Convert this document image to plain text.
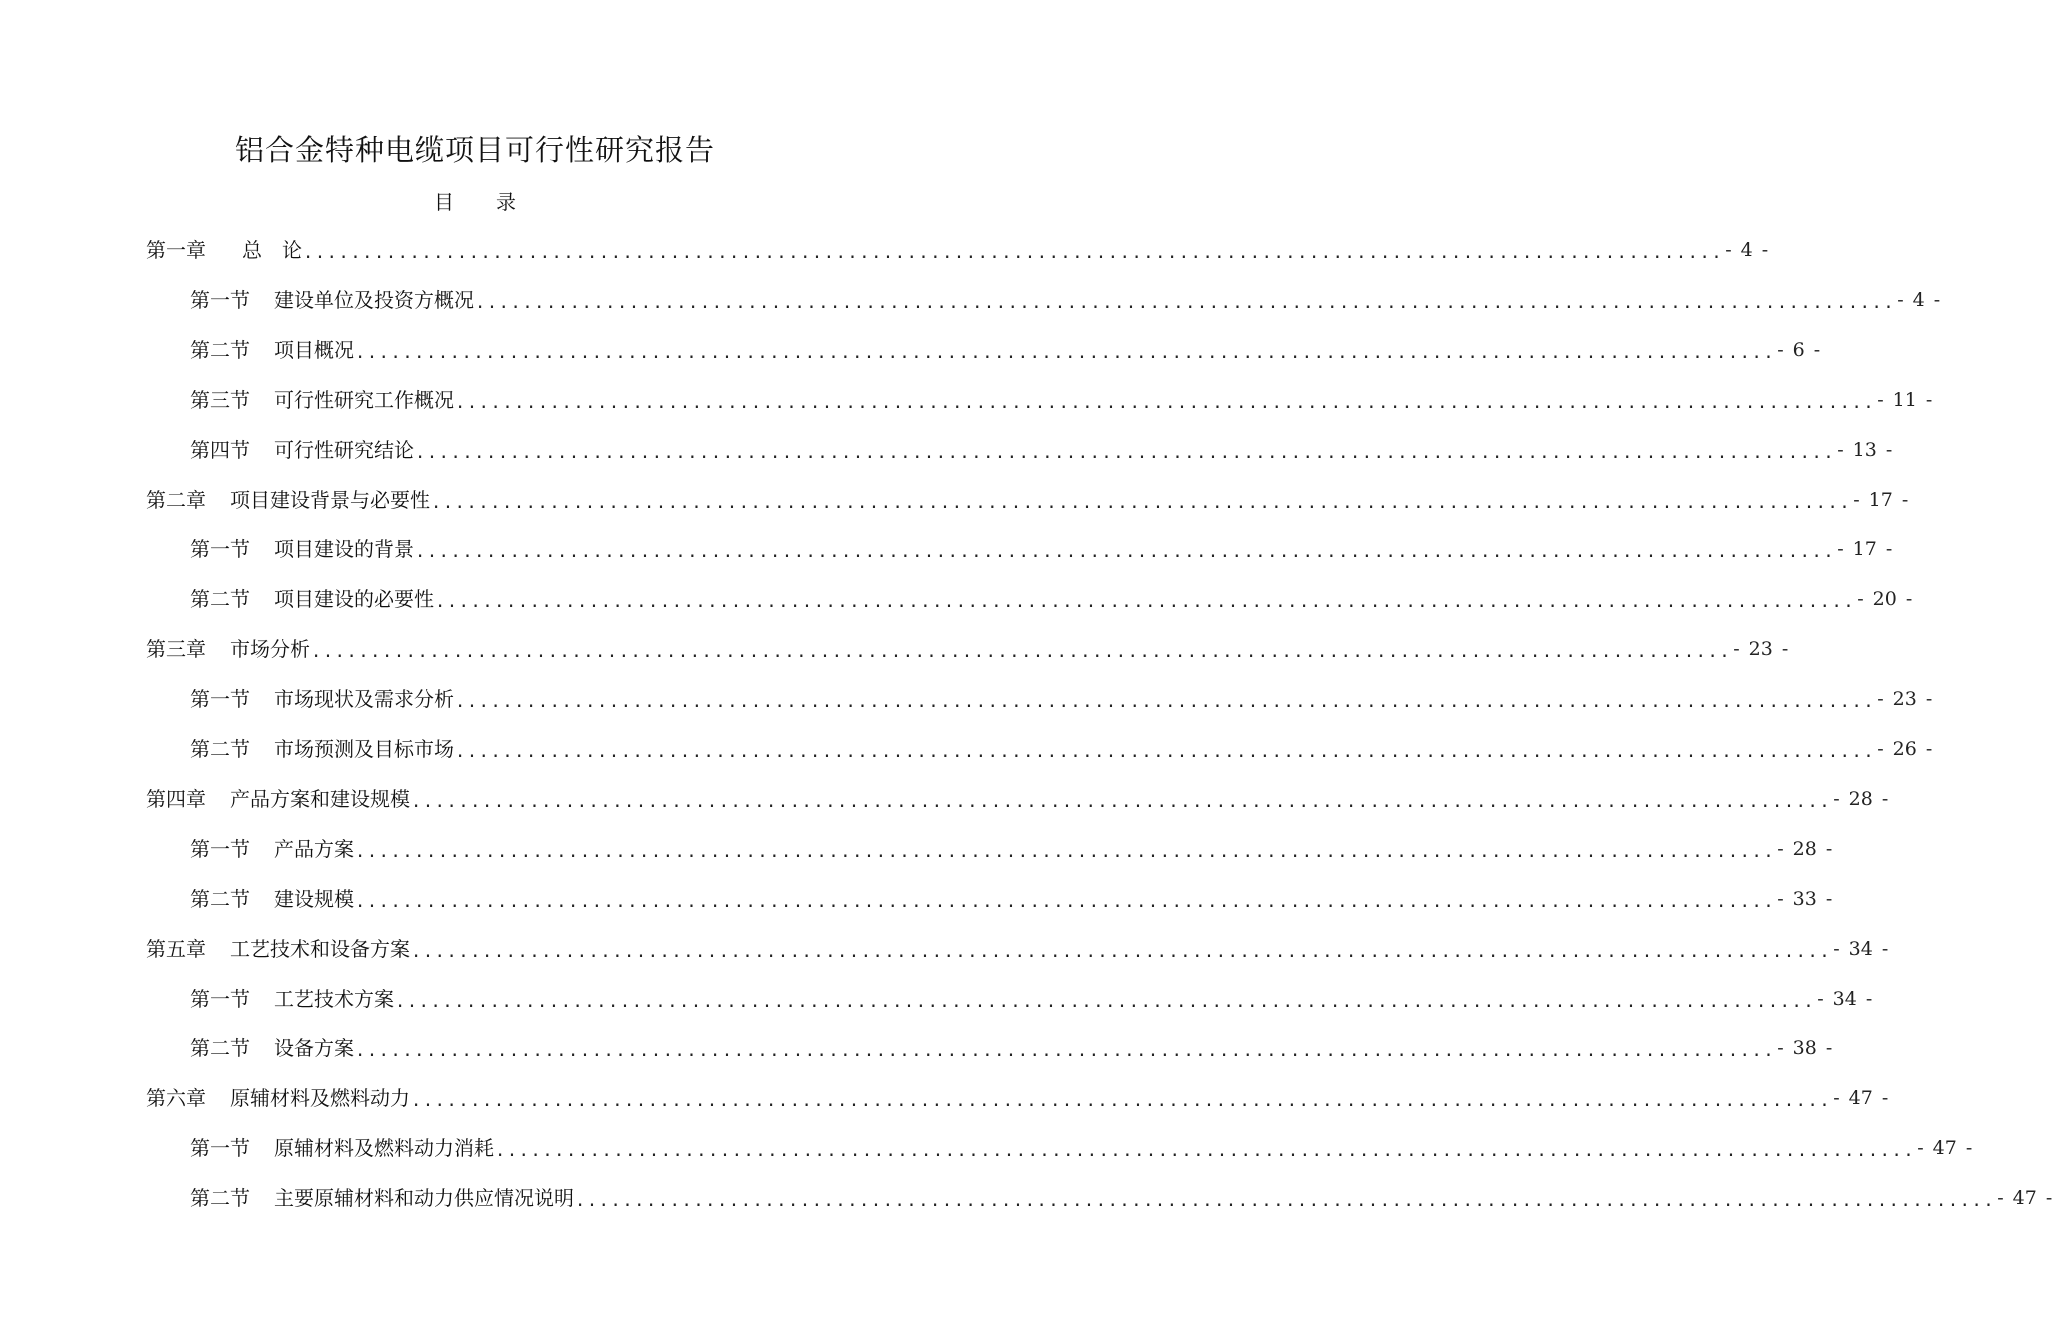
铝合金特种电缆项目可行性研究报告
目 录
第一章 总　论 ........................................................................................................................ - 4 -
第一节 建设单位及投资方概况 ........................................................................................................................ - 4 -
第二节 项目概况 ........................................................................................................................ - 6 -
第三节 可行性研究工作概况 ........................................................................................................................ - 11 -
第四节 可行性研究结论 ........................................................................................................................ - 13 -
第二章 项目建设背景与必要性 ........................................................................................................................ - 17 -
第一节 项目建设的背景 ........................................................................................................................ - 17 -
第二节 项目建设的必要性 ........................................................................................................................ - 20 -
第三章 市场分析 ........................................................................................................................ - 23 -
第一节 市场现状及需求分析 ........................................................................................................................ - 23 -
第二节 市场预测及目标市场 ........................................................................................................................ - 26 -
第四章 产品方案和建设规模 ........................................................................................................................ - 28 -
第一节 产品方案 ........................................................................................................................ - 28 -
第二节 建设规模 ........................................................................................................................ - 33 -
第五章 工艺技术和设备方案 ........................................................................................................................ - 34 -
第一节 工艺技术方案 ........................................................................................................................ - 34 -
第二节 设备方案 ........................................................................................................................ - 38 -
第六章 原辅材料及燃料动力 ........................................................................................................................ - 47 -
第一节 原辅材料及燃料动力消耗 ........................................................................................................................ - 47 -
第二节 主要原辅材料和动力供应情况说明 ........................................................................................................................ - 47 -
